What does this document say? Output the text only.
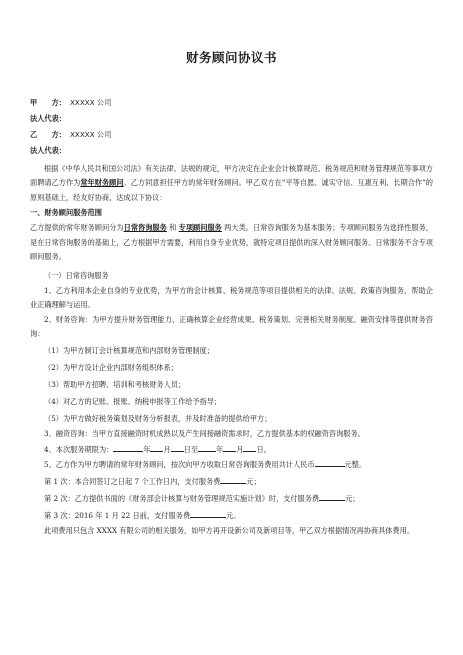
财务顾问协议书
甲　　方： XXXXX 公司
法人代表：
乙　　方： XXXXX 公司
法人代表：

根据《中华人民共和国公司法》有关法律、法规的规定，甲方决定在企业会计核算规范、税务规范和财务管理规范等事项方面聘请乙方作为常年财务顾问。乙方同意担任甲方的常年财务顾问。甲乙双方在“平等自愿、诚实守信、互惠互利、长期合作”的原则基础上，经友好协商，达成以下协议：

一、财务顾问服务范围

乙方提供的常年财务顾问分为日常咨询服务 和 专项顾问服务 两大类。日常咨询服务为基本服务；专项顾问服务为选择性服务，是在日常咨询服务的基础上，乙方根据甲方需要，利用自身专业优势，就特定项目提供的深入财务顾问服务。日常服务不含专项顾问服务。

（一）日常咨询服务

1、乙方利用本企业自身的专业优势，为甲方的会计核算、税务规范等项目提供相关的法律、法规、政策咨询服务，帮助企业正确理解与运用。

2、财务咨询：为甲方提升财务管理能力、正确核算企业经营成果、税务策划、完善相关财务制度、融资安排等提供财务咨询：

（1）为甲方制订会计核算规范和内部财务管理制度；
（2）为甲方设计企业内部财务组织体系；
（3）帮助甲方招聘、培训和考核财务人员；
（4）对乙方的记账、报账、纳税申报等工作给予指导；
（5）为甲方做好税务策划及财务分析报表，并及时准备的提供给甲方；

3、融资咨询：当甲方直接融资时机成熟以及产生间接融资需求时，乙方提供基本的权融资咨询服务。

4、本次服务期限为：	年 月 日至	年 月 日。

5、乙方作为甲方聘请的常年财务顾问，按次向甲方收取日常咨询服务费用共计人民币	元整。

第 1 次：本合同签订之日起 7 个工作日内，支付服务费	元；
第 2 次：乙方提供书面的《财务部会计核算与财务管理规范实施计划》时，支付服务费	元；
第 3 次：2016 年 1 月 22 日前，支付服务费	元。

此项费用只包含 XXXX 有限公司的相关服务，如甲方再开设新公司及新项目等，甲乙双方根据情况再协商具体费用。
